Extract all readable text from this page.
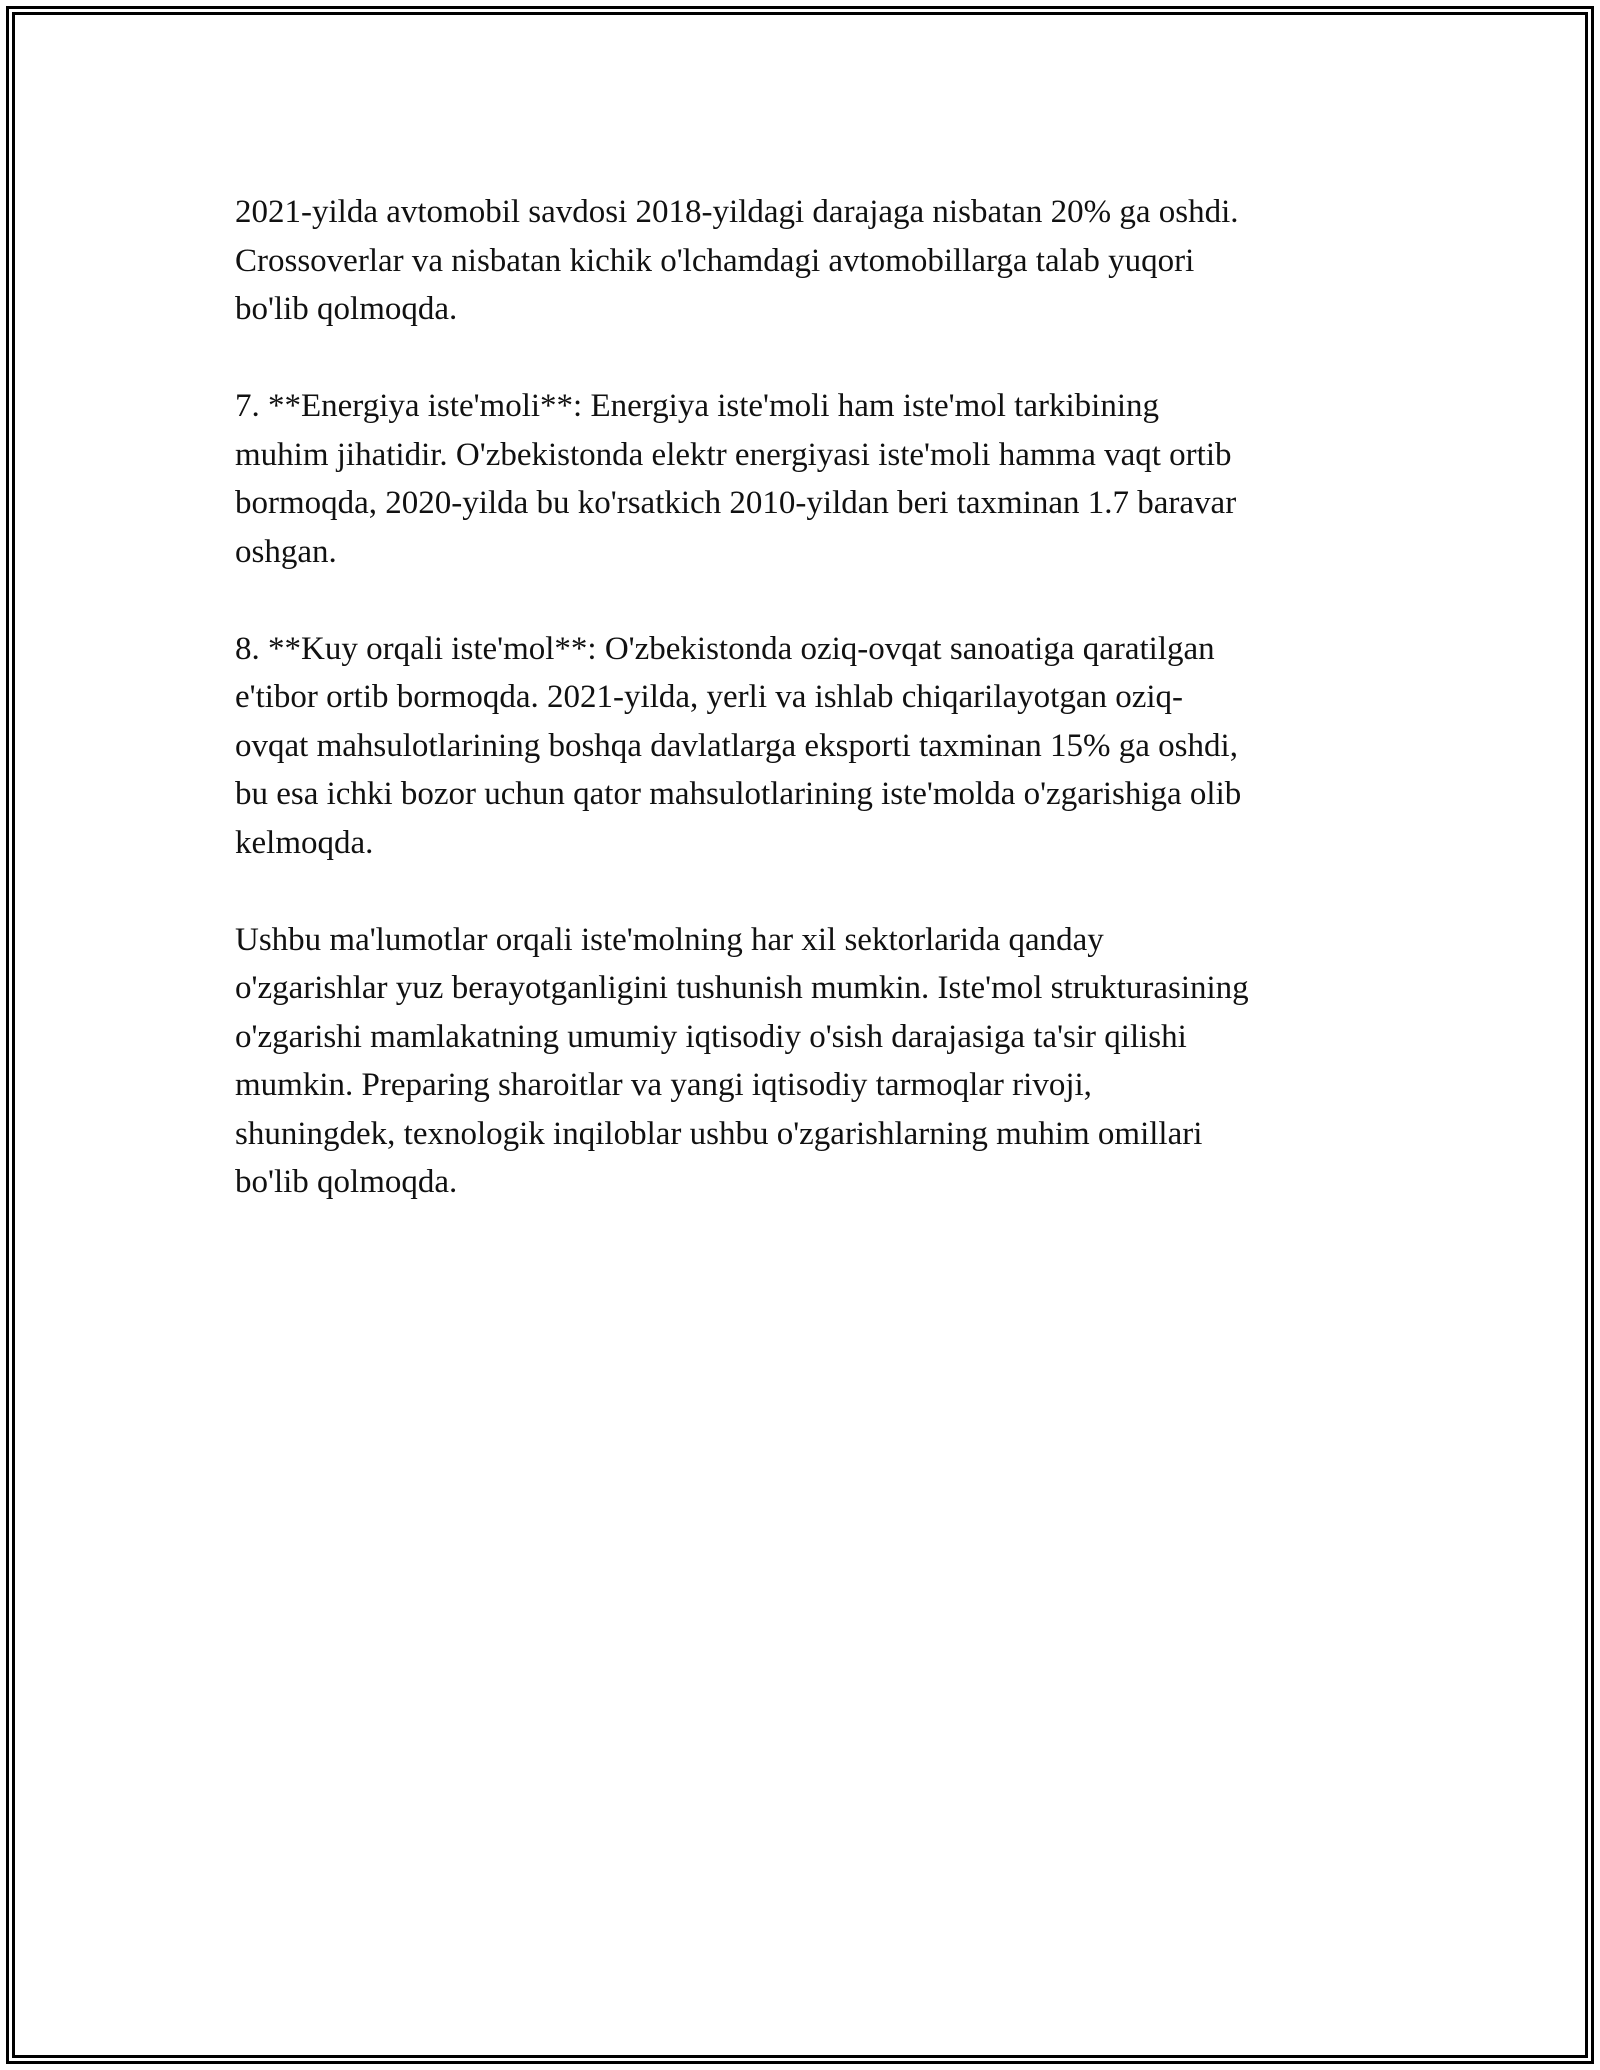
2021-yilda avtomobil savdosi 2018-yildagi darajaga nisbatan 20% ga oshdi.
Crossoverlar va nisbatan kichik o'lchamdagi avtomobillarga talab yuqori
bo'lib qolmoqda.

7. **Energiya iste'moli**: Energiya iste'moli ham iste'mol tarkibining
muhim jihatidir. O'zbekistonda elektr energiyasi iste'moli hamma vaqt ortib
bormoqda, 2020-yilda bu ko'rsatkich 2010-yildan beri taxminan 1.7 baravar
oshgan.

8. **Kuy orqali iste'mol**: O'zbekistonda oziq-ovqat sanoatiga qaratilgan
e'tibor ortib bormoqda. 2021-yilda, yerli va ishlab chiqarilayotgan oziq-
ovqat mahsulotlarining boshqa davlatlarga eksporti taxminan 15% ga oshdi,
bu esa ichki bozor uchun qator mahsulotlarining iste'molda o'zgarishiga olib
kelmoqda.

Ushbu ma'lumotlar orqali iste'molning har xil sektorlarida qanday
o'zgarishlar yuz berayotganligini tushunish mumkin. Iste'mol strukturasining
o'zgarishi mamlakatning umumiy iqtisodiy o'sish darajasiga ta'sir qilishi
mumkin. Preparing sharoitlar va yangi iqtisodiy tarmoqlar rivoji,
shuningdek, texnologik inqiloblar ushbu o'zgarishlarning muhim omillari
bo'lib qolmoqda.
